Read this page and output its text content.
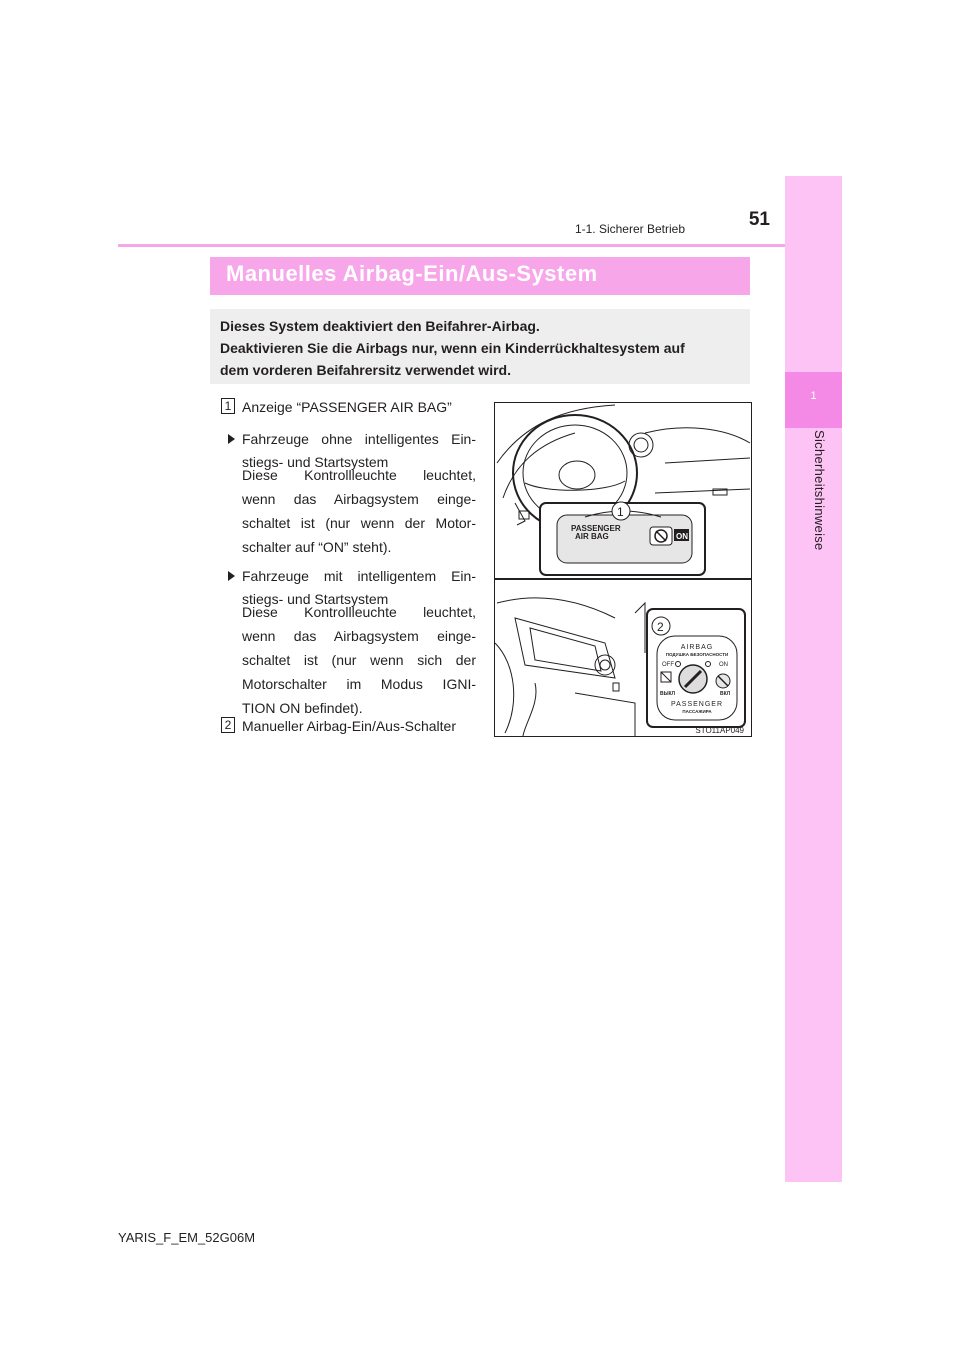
1
Sicherheitshinweise
1-1. Sicherer Betrieb	51
Manuelles Airbag-Ein/Aus-System
Dieses System deaktiviert den Beifahrer-Airbag.
Deaktivieren Sie die Airbags nur, wenn ein Kinderrückhaltesystem auf
dem vorderen Beifahrersitz verwendet wird.
1 Anzeige “PASSENGER AIR BAG”
Fahrzeuge ohne intelligentes Ein-
stiegs- und Startsystem
Diese Kontrollleuchte leuchtet,
wenn das Airbagsystem einge-
schaltet ist (nur wenn der Motor-
schalter auf “ON” steht).
Fahrzeuge mit intelligentem Ein-
stiegs- und Startsystem
Diese Kontrollleuchte leuchtet,
wenn das Airbagsystem einge-
schaltet ist (nur wenn sich der
Motorschalter im Modus IGNI-
TION ON befindet).
2 Manueller Airbag-Ein/Aus-Schalter
PASSENGER
AIR BAG	ON
1
2
AIRBAG
ПОДУШКА БЕЗОПАСНОСТИ
OFF	ON
ВЫКЛ	ВКЛ
PASSENGER
ПАССАЖИРА
STO11AP049
YARIS_F_EM_52G06M
